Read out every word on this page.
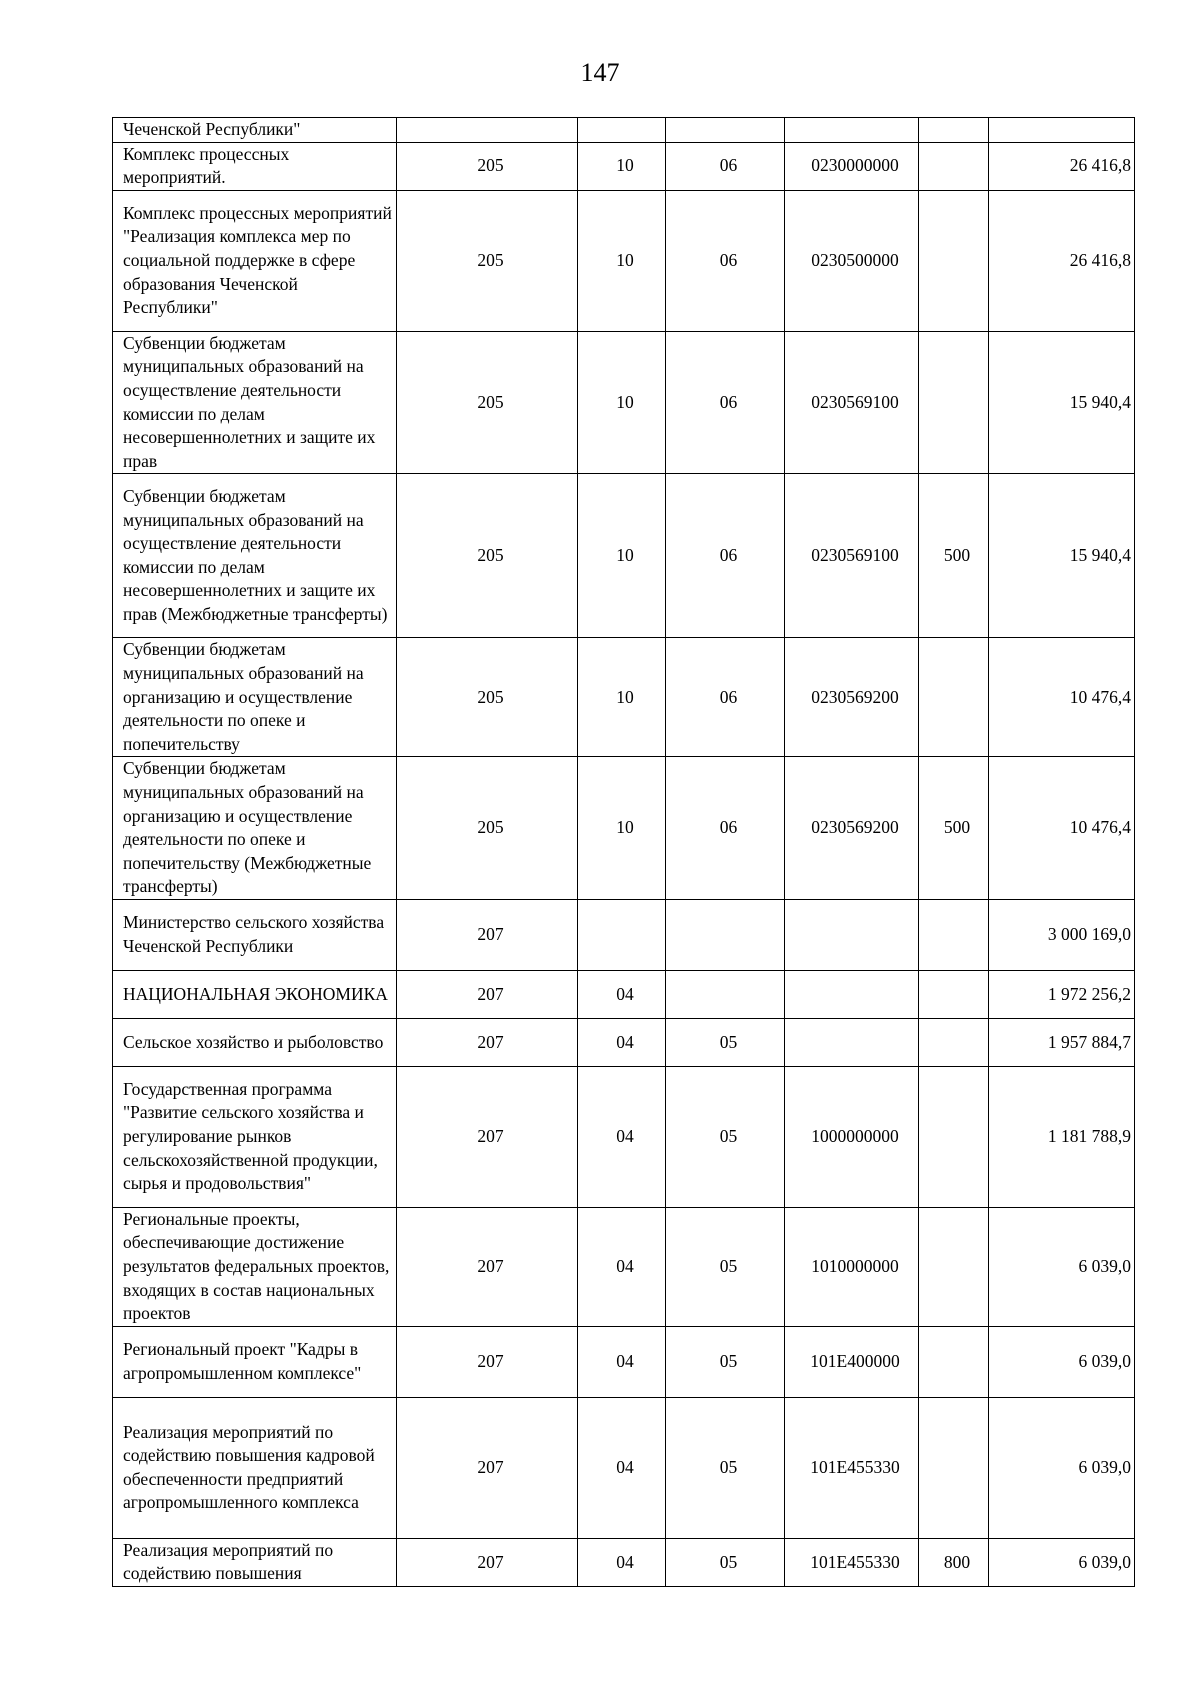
147
Чеченской Республики"						
Комплекс процессных мероприятий.	205	10	06	0230000000		26 416,8
Комплекс процессных мероприятий "Реализация комплекса мер по социальной поддержке в сфере образования Чеченской Республики"	205	10	06	0230500000		26 416,8
Субвенции бюджетам муниципальных образований на осуществление деятельности комиссии по делам несовершеннолетних и защите их прав	205	10	06	0230569100		15 940,4
Субвенции бюджетам муниципальных образований на осуществление деятельности комиссии по делам несовершеннолетних и защите их прав (Межбюджетные трансферты)	205	10	06	0230569100	500	15 940,4
Субвенции бюджетам муниципальных образований на организацию и осуществление деятельности по опеке и попечительству	205	10	06	0230569200		10 476,4
Субвенции бюджетам муниципальных образований на организацию и осуществление деятельности по опеке и попечительству (Межбюджетные трансферты)	205	10	06	0230569200	500	10 476,4
Министерство сельского хозяйства Чеченской Республики	207					3 000 169,0
НАЦИОНАЛЬНАЯ ЭКОНОМИКА	207	04				1 972 256,2
Сельское хозяйство и рыболовство	207	04	05			1 957 884,7
Государственная программа "Развитие сельского хозяйства и регулирование рынков сельскохозяйственной продукции, сырья и продовольствия"	207	04	05	1000000000		1 181 788,9
Региональные проекты, обеспечивающие достижение результатов федеральных проектов, входящих в состав национальных проектов	207	04	05	1010000000		6 039,0
Региональный проект "Кадры в агропромышленном комплексе"	207	04	05	101E400000		6 039,0
Реализация мероприятий по содействию повышения кадровой обеспеченности предприятий агропромышленного комплекса	207	04	05	101E455330		6 039,0
Реализация мероприятий по содействию повышения	207	04	05	101E455330	800	6 039,0
